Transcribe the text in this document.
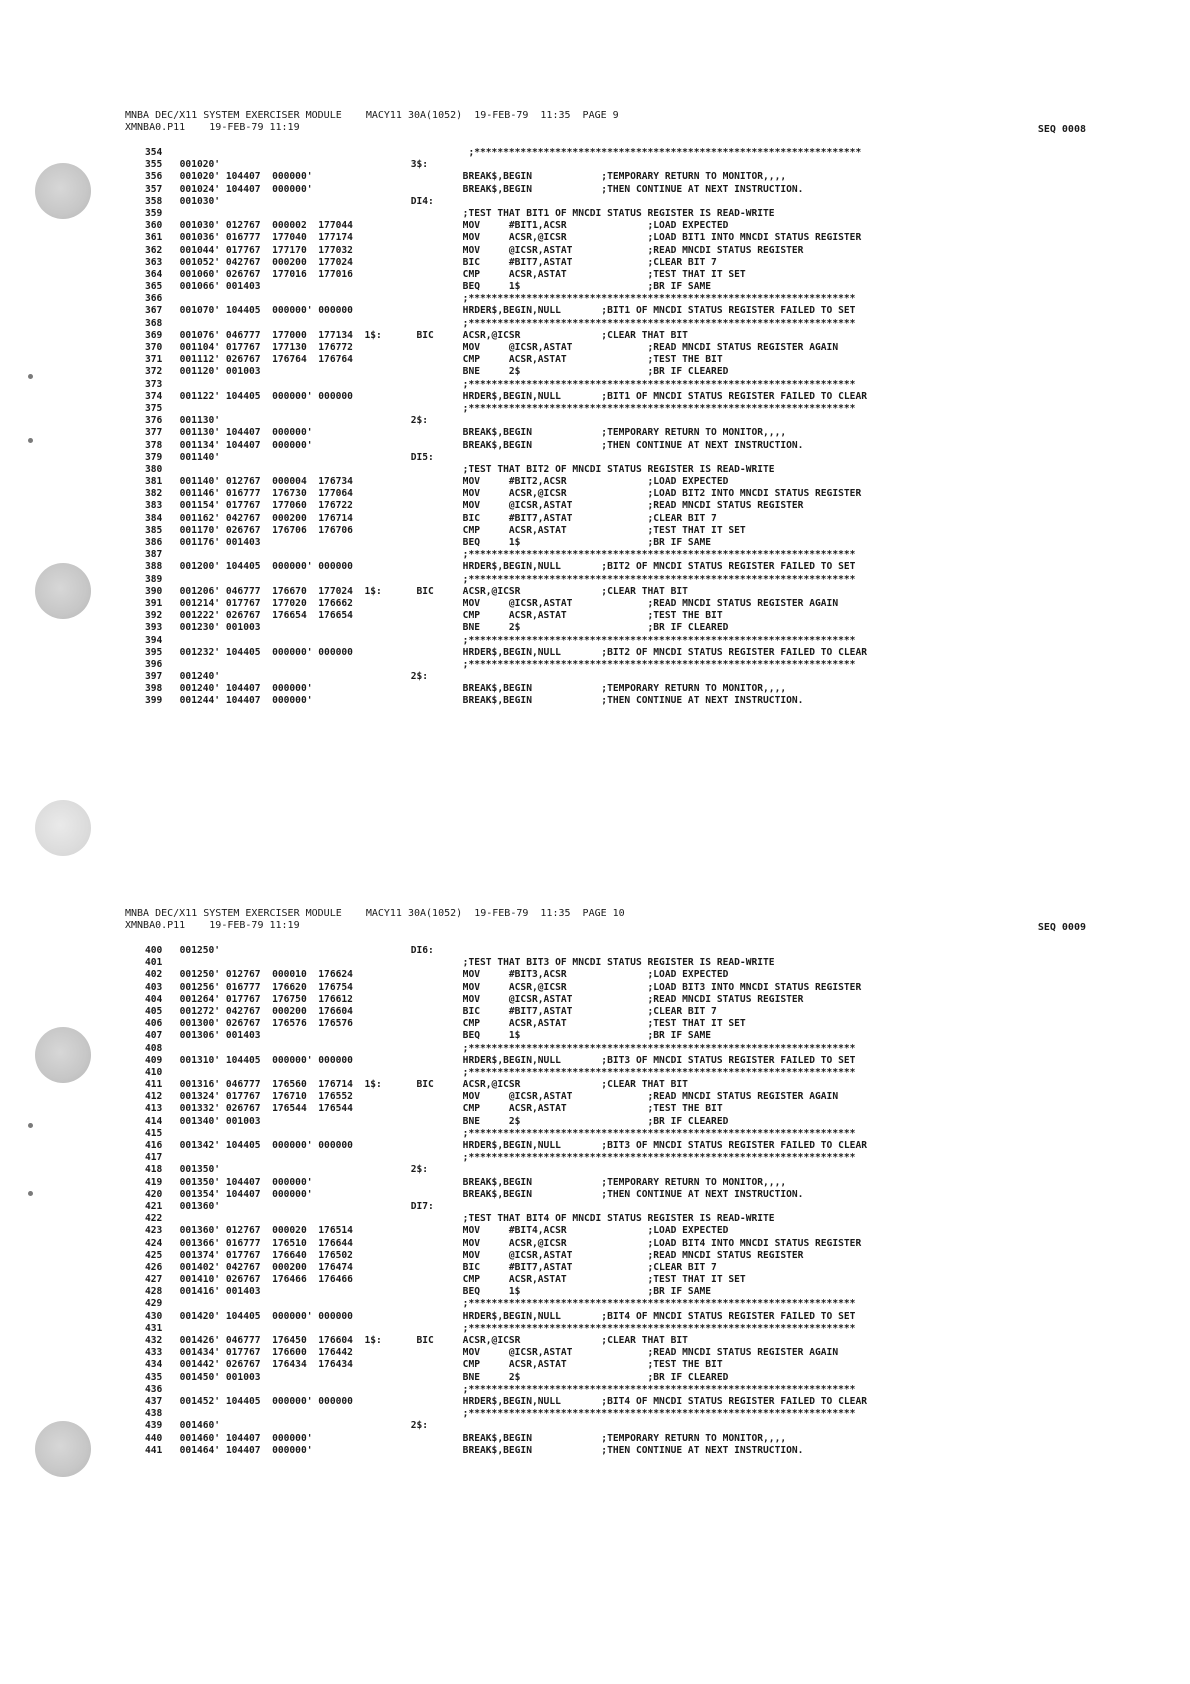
MNBA DEC/X11 SYSTEM EXERCISER MODULE    MACY11 30A(1052)  19-FEB-79  11:35  PAGE 9
XMNBA0.P11    19-FEB-79 11:19	SEQ 0008
354                                                     ;*******************************************************************
355   001020'                                 3$:
356   001020' 104407  000000'                          BREAK$,BEGIN            ;TEMPORARY RETURN TO MONITOR,,,,
357   001024' 104407  000000'                          BREAK$,BEGIN            ;THEN CONTINUE AT NEXT INSTRUCTION.
358   001030'                                 DI4:
359                                                    ;TEST THAT BIT1 OF MNCDI STATUS REGISTER IS READ-WRITE
360   001030' 012767  000002  177044                   MOV     #BIT1,ACSR              ;LOAD EXPECTED
361   001036' 016777  177040  177174                   MOV     ACSR,@ICSR              ;LOAD BIT1 INTO MNCDI STATUS REGISTER
362   001044' 017767  177170  177032                   MOV     @ICSR,ASTAT             ;READ MNCDI STATUS REGISTER
363   001052' 042767  000200  177024                   BIC     #BIT7,ASTAT             ;CLEAR BIT 7
364   001060' 026767  177016  177016                   CMP     ACSR,ASTAT              ;TEST THAT IT SET
365   001066' 001403                                   BEQ     1$                      ;BR IF SAME
366                                                    ;*******************************************************************
367   001070' 104405  000000' 000000                   HRDER$,BEGIN,NULL       ;BIT1 OF MNCDI STATUS REGISTER FAILED TO SET
368                                                    ;*******************************************************************
369   001076' 046777  177000  177134  1$:      BIC     ACSR,@ICSR              ;CLEAR THAT BIT
370   001104' 017767  177130  176772                   MOV     @ICSR,ASTAT             ;READ MNCDI STATUS REGISTER AGAIN
371   001112' 026767  176764  176764                   CMP     ACSR,ASTAT              ;TEST THE BIT
372   001120' 001003                                   BNE     2$                      ;BR IF CLEARED
373                                                    ;*******************************************************************
374   001122' 104405  000000' 000000                   HRDER$,BEGIN,NULL       ;BIT1 OF MNCDI STATUS REGISTER FAILED TO CLEAR
375                                                    ;*******************************************************************
376   001130'                                 2$:
377   001130' 104407  000000'                          BREAK$,BEGIN            ;TEMPORARY RETURN TO MONITOR,,,,
378   001134' 104407  000000'                          BREAK$,BEGIN            ;THEN CONTINUE AT NEXT INSTRUCTION.
379   001140'                                 DI5:
380                                                    ;TEST THAT BIT2 OF MNCDI STATUS REGISTER IS READ-WRITE
381   001140' 012767  000004  176734                   MOV     #BIT2,ACSR              ;LOAD EXPECTED
382   001146' 016777  176730  177064                   MOV     ACSR,@ICSR              ;LOAD BIT2 INTO MNCDI STATUS REGISTER
383   001154' 017767  177060  176722                   MOV     @ICSR,ASTAT             ;READ MNCDI STATUS REGISTER
384   001162' 042767  000200  176714                   BIC     #BIT7,ASTAT             ;CLEAR BIT 7
385   001170' 026767  176706  176706                   CMP     ACSR,ASTAT              ;TEST THAT IT SET
386   001176' 001403                                   BEQ     1$                      ;BR IF SAME
387                                                    ;*******************************************************************
388   001200' 104405  000000' 000000                   HRDER$,BEGIN,NULL       ;BIT2 OF MNCDI STATUS REGISTER FAILED TO SET
389                                                    ;*******************************************************************
390   001206' 046777  176670  177024  1$:      BIC     ACSR,@ICSR              ;CLEAR THAT BIT
391   001214' 017767  177020  176662                   MOV     @ICSR,ASTAT             ;READ MNCDI STATUS REGISTER AGAIN
392   001222' 026767  176654  176654                   CMP     ACSR,ASTAT              ;TEST THE BIT
393   001230' 001003                                   BNE     2$                      ;BR IF CLEARED
394                                                    ;*******************************************************************
395   001232' 104405  000000' 000000                   HRDER$,BEGIN,NULL       ;BIT2 OF MNCDI STATUS REGISTER FAILED TO CLEAR
396                                                    ;*******************************************************************
397   001240'                                 2$:
398   001240' 104407  000000'                          BREAK$,BEGIN            ;TEMPORARY RETURN TO MONITOR,,,,
399   001244' 104407  000000'                          BREAK$,BEGIN            ;THEN CONTINUE AT NEXT INSTRUCTION.
MNBA DEC/X11 SYSTEM EXERCISER MODULE    MACY11 30A(1052)  19-FEB-79  11:35  PAGE 10
XMNBA0.P11    19-FEB-79 11:19	SEQ 0009
400   001250'                                 DI6:
401                                                    ;TEST THAT BIT3 OF MNCDI STATUS REGISTER IS READ-WRITE
402   001250' 012767  000010  176624                   MOV     #BIT3,ACSR              ;LOAD EXPECTED
403   001256' 016777  176620  176754                   MOV     ACSR,@ICSR              ;LOAD BIT3 INTO MNCDI STATUS REGISTER
404   001264' 017767  176750  176612                   MOV     @ICSR,ASTAT             ;READ MNCDI STATUS REGISTER
405   001272' 042767  000200  176604                   BIC     #BIT7,ASTAT             ;CLEAR BIT 7
406   001300' 026767  176576  176576                   CMP     ACSR,ASTAT              ;TEST THAT IT SET
407   001306' 001403                                   BEQ     1$                      ;BR IF SAME
408                                                    ;*******************************************************************
409   001310' 104405  000000' 000000                   HRDER$,BEGIN,NULL       ;BIT3 OF MNCDI STATUS REGISTER FAILED TO SET
410                                                    ;*******************************************************************
411   001316' 046777  176560  176714  1$:      BIC     ACSR,@ICSR              ;CLEAR THAT BIT
412   001324' 017767  176710  176552                   MOV     @ICSR,ASTAT             ;READ MNCDI STATUS REGISTER AGAIN
413   001332' 026767  176544  176544                   CMP     ACSR,ASTAT              ;TEST THE BIT
414   001340' 001003                                   BNE     2$                      ;BR IF CLEARED
415                                                    ;*******************************************************************
416   001342' 104405  000000' 000000                   HRDER$,BEGIN,NULL       ;BIT3 OF MNCDI STATUS REGISTER FAILED TO CLEAR
417                                                    ;*******************************************************************
418   001350'                                 2$:
419   001350' 104407  000000'                          BREAK$,BEGIN            ;TEMPORARY RETURN TO MONITOR,,,,
420   001354' 104407  000000'                          BREAK$,BEGIN            ;THEN CONTINUE AT NEXT INSTRUCTION.
421   001360'                                 DI7:
422                                                    ;TEST THAT BIT4 OF MNCDI STATUS REGISTER IS READ-WRITE
423   001360' 012767  000020  176514                   MOV     #BIT4,ACSR              ;LOAD EXPECTED
424   001366' 016777  176510  176644                   MOV     ACSR,@ICSR              ;LOAD BIT4 INTO MNCDI STATUS REGISTER
425   001374' 017767  176640  176502                   MOV     @ICSR,ASTAT             ;READ MNCDI STATUS REGISTER
426   001402' 042767  000200  176474                   BIC     #BIT7,ASTAT             ;CLEAR BIT 7
427   001410' 026767  176466  176466                   CMP     ACSR,ASTAT              ;TEST THAT IT SET
428   001416' 001403                                   BEQ     1$                      ;BR IF SAME
429                                                    ;*******************************************************************
430   001420' 104405  000000' 000000                   HRDER$,BEGIN,NULL       ;BIT4 OF MNCDI STATUS REGISTER FAILED TO SET
431                                                    ;*******************************************************************
432   001426' 046777  176450  176604  1$:      BIC     ACSR,@ICSR              ;CLEAR THAT BIT
433   001434' 017767  176600  176442                   MOV     @ICSR,ASTAT             ;READ MNCDI STATUS REGISTER AGAIN
434   001442' 026767  176434  176434                   CMP     ACSR,ASTAT              ;TEST THE BIT
435   001450' 001003                                   BNE     2$                      ;BR IF CLEARED
436                                                    ;*******************************************************************
437   001452' 104405  000000' 000000                   HRDER$,BEGIN,NULL       ;BIT4 OF MNCDI STATUS REGISTER FAILED TO CLEAR
438                                                    ;*******************************************************************
439   001460'                                 2$:
440   001460' 104407  000000'                          BREAK$,BEGIN            ;TEMPORARY RETURN TO MONITOR,,,,
441   001464' 104407  000000'                          BREAK$,BEGIN            ;THEN CONTINUE AT NEXT INSTRUCTION.
